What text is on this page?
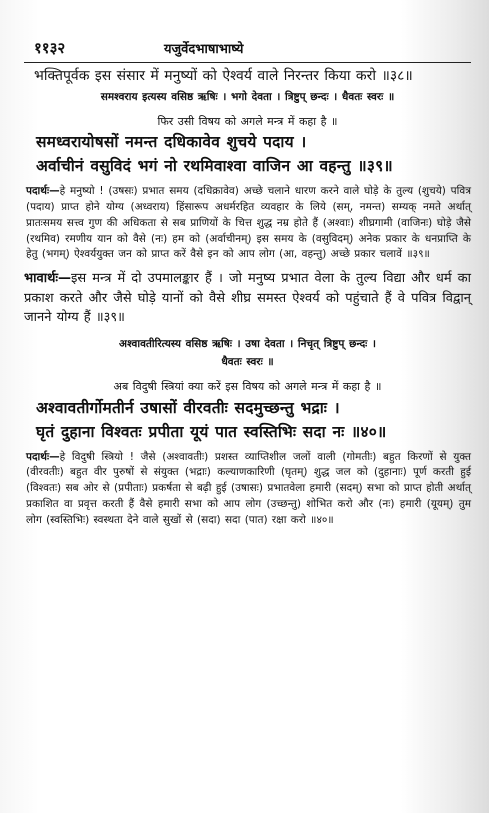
११३२	यजुर्वेदभाषाभाष्ये

भक्तिपूर्वक इस संसार में मनुष्यों को ऐश्वर्य वाले निरन्तर किया करो ॥३८॥

समश्वराय इत्यस्य वसिष्ठ ऋषिः । भगो देवता । त्रिष्टुप् छन्दः । धैवतः स्वरः ॥

फिर उसी विषय को अगले मन्त्र में कहा है ॥

समध्वरायोषसों नमन्त दधिकावेव शुचये पदाय ।

अर्वाचीनं वसुविदं भगं नो रथमिवाश्वा वाजिन आ वहन्तु ॥३९॥

पदार्थः—हे मनुष्यो ! (उषसः) प्रभात समय (दधिक्रावेव) अच्छे चलाने धारण करने वाले घोड़े के तुल्य (शुचये) पवित्र (पदाय) प्राप्त होने योग्य (अध्वराय) हिंसारूप अधर्मरहित व्यवहार के लिये (सम्, नमन्त) सम्यक् नमते अर्थात् प्रातःसमय सत्त्व गुण की अधिकता से सब प्राणियों के चित्त शुद्ध नम्र होते हैं (अश्वाः) शीघ्रगामी (वाजिनः) घोड़े जैसे (रथमिव) रमणीय यान को वैसे (नः) हम को (अर्वाचीनम्) इस समय के (वसुविदम्) अनेक प्रकार के धनप्राप्ति के हेतु (भगम्) ऐश्वर्ययुक्त जन को प्राप्त करें वैसे इन को आप लोग (आ, वहन्तु) अच्छे प्रकार चलावें ॥३९॥

भावार्थः—इस मन्त्र में दो उपमालङ्कार हैं । जो मनुष्य प्रभात वेला के तुल्य विद्या और धर्म का प्रकाश करते और जैसे घोड़े यानों को वैसे शीघ्र समस्त ऐश्वर्य को पहुंचाते हैं वे पवित्र विद्वान् जानने योग्य हैं ॥३९॥

अश्वावतीरित्यस्य वसिष्ठ ऋषिः । उषा देवता । निचृत् त्रिष्टुप् छन्दः ।

धैवतः स्वरः ॥

अब विदुषी स्त्रियां क्या करें इस विषय को अगले मन्त्र में कहा है ॥

अश्वावतीर्गोमतीर्न उषासों वीरवतीः सदमुच्छन्तु भद्राः ।

घृतं दुहाना विश्वतः प्रपीता यूयं पात स्वस्तिभिः सदा नः ॥४०॥

पदार्थः—हे विदुषी स्त्रियो ! जैसे (अश्वावतीः) प्रशस्त व्याप्तिशील जलों वाली (गोमतीः) बहुत किरणों से युक्त (वीरवतीः) बहुत वीर पुरुषों से संयुक्त (भद्राः) कल्याणकारिणी (घृतम्) शुद्ध जल को (दुहानाः) पूर्ण करती हुई (विश्वतः) सब ओर से (प्रपीताः) प्रकर्षता से बढ़ी हुई (उषासः) प्रभातवेला हमारी (सदम्) सभा को प्राप्त होती अर्थात् प्रकाशित वा प्रवृत्त करती हैं वैसे हमारी सभा को आप लोग (उच्छन्तु) शोभित करो और (नः) हमारी (यूयम्) तुम लोग (स्वस्तिभिः) स्वस्थता देने वाले सुखों से (सदा) सदा (पात) रक्षा करो ॥४०॥
